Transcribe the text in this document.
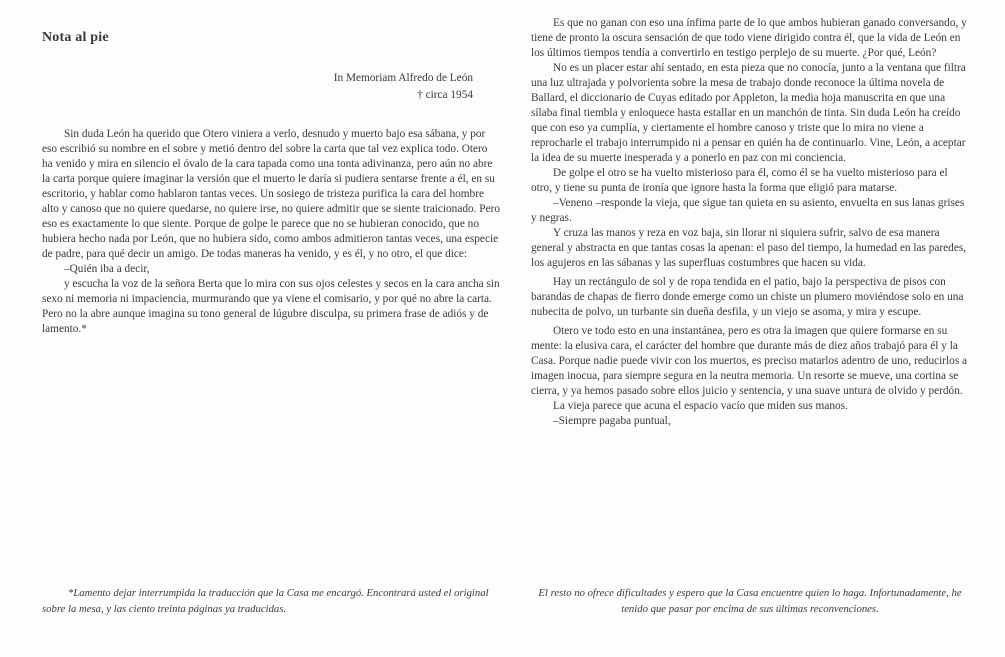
Nota al pie
In Memoriam Alfredo de León
† circa 1954

Sin duda León ha querido que Otero viniera a verlo, desnudo y muerto bajo esa sábana, y por eso escribió su nombre en el sobre y metió dentro del sobre la carta que tal vez explica todo. Otero ha venido y mira en silencio el óvalo de la cara tapada como una tonta adivinanza, pero aún no abre la carta porque quiere imaginar la versión que el muerto le daría si pudiera sentarse frente a él, en su escritorio, y hablar como hablaron tantas veces. Un sosiego de tristeza purifica la cara del hombre alto y canoso que no quiere quedarse, no quiere irse, no quiere admitir que se siente traicionado. Pero eso es exactamente lo que siente. Porque de golpe le parece que no se hubieran conocido, que no hubiera hecho nada por León, que no hubiera sido, como ambos admitieron tantas veces, una especie de padre, para qué decir un amigo. De todas maneras ha venido, y es él, y no otro, el que dice:

–Quién iba a decir,

y escucha la voz de la señora Berta que lo mira con sus ojos celestes y secos en la cara ancha sin sexo ni memoria ni impaciencia, murmurando que ya viene el comisario, y por qué no abre la carta. Pero no la abre aunque imagina su tono general de lúgubre disculpa, su primera frase de adiós y de lamento.*

Es que no ganan con eso una ínfima parte de lo que ambos hubieran ganado conversando, y tiene de pronto la oscura sensación de que todo viene dirigido contra él, que la vida de León en los últimos tiempos tendía a convertirlo en testigo perplejo de su muerte. ¿Por qué, León?

No es un placer estar ahí sentado, en esta pieza que no conocía, junto a la ventana que filtra una luz ultrajada y polvorienta sobre la mesa de trabajo donde reconoce la última novela de Ballard, el diccionario de Cuyas editado por Appleton, la media hoja manuscrita en que una sílaba final tiembla y enloquece hasta estallar en un manchón de tinta. Sin duda León ha creído que con eso ya cumplía, y ciertamente el hombre canoso y triste que lo mira no viene a reprocharle el trabajo interrumpido ni a pensar en quién ha de continuarlo. Vine, León, a aceptar la idea de su muerte inesperada y a ponerlo en paz con mi conciencia.

De golpe el otro se ha vuelto misterioso para él, como él se ha vuelto misterioso para el otro, y tiene su punta de ironía que ignore hasta la forma que eligió para matarse.

–Veneno –responde la vieja, que sigue tan quieta en su asiento, envuelta en sus lanas grises y negras.

Y cruza las manos y reza en voz baja, sin llorar ni siquiera sufrir, salvo de esa manera general y abstracta en que tantas cosas la apenan: el paso del tiempo, la humedad en las paredes, los agujeros en las sábanas y las superfluas costumbres que hacen su vida.

Hay un rectángulo de sol y de ropa tendida en el patio, bajo la perspectiva de pisos con barandas de chapas de fierro donde emerge como un chiste un plumero moviéndose solo en una nubecita de polvo, un turbante sin dueña desfila, y un viejo se asoma, y mira y escupe.

Otero ve todo esto en una instantánea, pero es otra la imagen que quiere formarse en su mente: la elusiva cara, el carácter del hombre que durante más de diez años trabajó para él y la Casa. Porque nadie puede vivir con los muertos, es preciso matarlos adentro de uno, reducirlos a imagen inocua, para siempre segura en la neutra memoria. Un resorte se mueve, una cortina se cierra, y ya hemos pasado sobre ellos juicio y sentencia, y una suave untura de olvido y perdón.

La vieja parece que acuna el espacio vacío que miden sus manos.

–Siempre pagaba puntual,

*Lamento dejar interrumpida la traducción que la Casa me encargó. Encontrará usted el original sobre la mesa, y las ciento treinta páginas ya traducidas.
El resto no ofrece dificultades y espero que la Casa encuentre quien lo haga. Infortunadamente, he tenido que pasar por encima de sus últimas reconvenciones.
